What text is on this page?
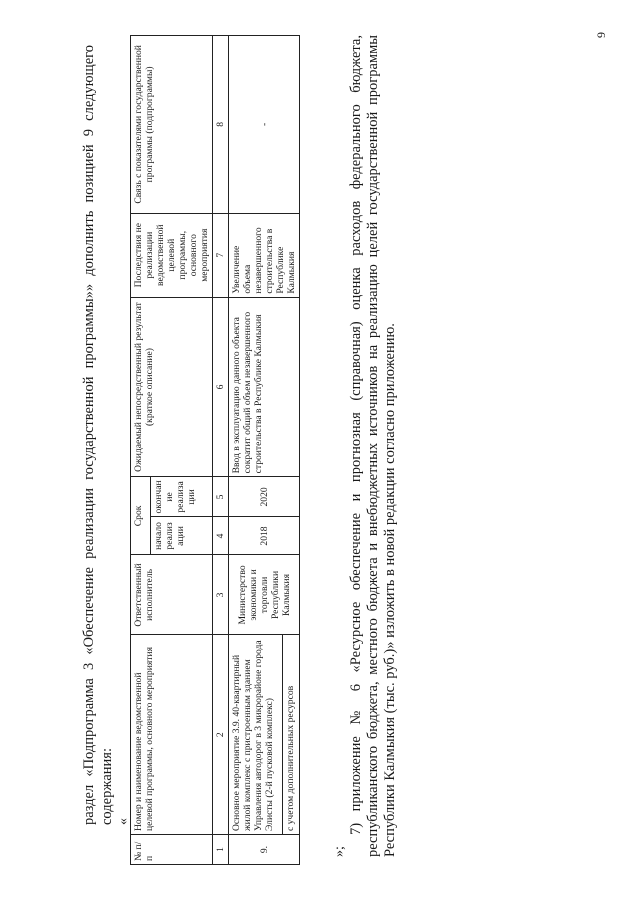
9
раздел «Подпрограмма 3 «Обеспечение реализации государственной программы»» дополнить позицией 9 следующего содержания: «
№ п/п	Номер и наименование ведомственной целевой программы, основного мероприятия	Ответственный исполнитель	Срок		Ожидаемый непосредственный результат (краткое описание)	Последствия не реализации ведомственной целевой программы, основного мероприятия	Связь с показателями государственной программы (подпрограммы)
			начало реализ ации	окончан ие реализа ции			
1	2	3	4	5	6	7	8
9.	Основное мероприятие 3.9. 40-квартирный жилой комплекс с пристроенным зданием Управления автодорог в 3 микрорайоне города Элисты (2-й пусковой комплекс)	Министерство экономики и торговли Республики Калмыкия	2018	2020	Ввод в эксплуатацию данного объекта сократит общий объем незавершенного строительства в Республике Калмыкия	Увеличение объема незавершенного строительства в Республике Калмыкия	-
	с учетом дополнительных ресурсов						
»;
7) приложение № 6 «Ресурсное обеспечение и прогнозная (справочная) оценка расходов федерального бюджета, республиканского бюджета, местного бюджета и внебюджетных источников на реализацию целей государственной программы Республики Калмыкия (тыс. руб.)» изложить в новой редакции согласно приложению.
